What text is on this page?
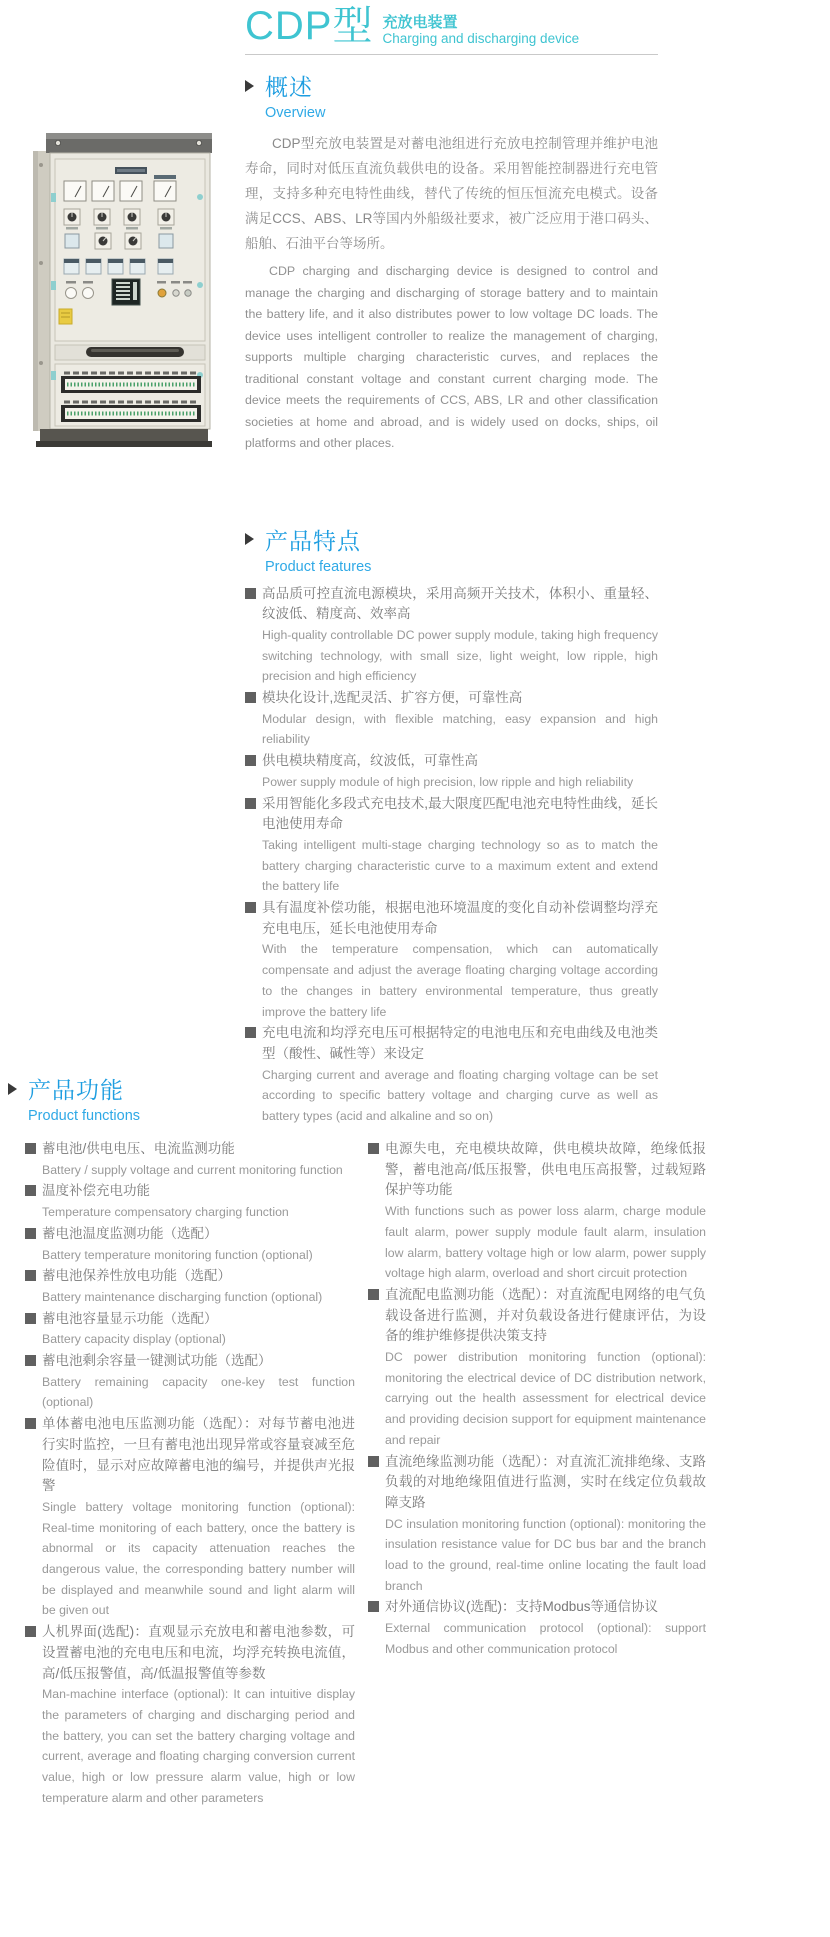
CDP型 充放电装置
Charging and discharging device
概述
Overview

CDP型充放电装置是对蓄电池组进行充放电控制管理并维护电池寿命，同时对低压直流负载供电的设备。采用智能控制器进行充电管理，支持多种充电特性曲线，替代了传统的恒压恒流充电模式。设备满足CCS、ABS、LR等国内外船级社要求，被广泛应用于港口码头、船舶、石油平台等场所。

CDP charging and discharging device is designed to control and manage the charging and discharging of storage battery and to maintain the battery life, and it also distributes power to low voltage DC loads. The device uses intelligent controller to realize the management of charging, supports multiple charging characteristic curves, and replaces the traditional constant voltage and constant current charging mode. The device meets the requirements of CCS, ABS, LR and other classification societies at home and abroad, and is widely used on docks, ships, oil platforms and other places.

产品特点
Product features
高品质可控直流电源模块，采用高频开关技术，体积小、重量轻、纹波低、精度高、效率高
High-quality controllable DC power supply module, taking high frequency switching technology, with small size, light weight, low ripple, high precision and high efficiency
模块化设计,选配灵活、扩容方便，可靠性高
Modular design, with flexible matching, easy expansion and high reliability
供电模块精度高，纹波低，可靠性高
Power supply module of high precision, low ripple and high reliability
采用智能化多段式充电技术,最大限度匹配电池充电特性曲线，延长电池使用寿命
Taking intelligent multi-stage charging technology so as to match the battery charging characteristic curve to a maximum extent and extend the battery life
具有温度补偿功能，根据电池环境温度的变化自动补偿调整均浮充充电电压，延长电池使用寿命
With the temperature compensation, which can automatically compensate and adjust the average floating charging voltage according to the changes in battery environmental temperature, thus greatly improve the battery life
充电电流和均浮充电压可根据特定的电池电压和充电曲线及电池类型（酸性、碱性等）来设定
Charging current and average and floating charging voltage can be set according to specific battery voltage and charging curve as well as battery types (acid and alkaline and so on)
产品功能
Product functions
蓄电池/供电电压、电流监测功能
Battery / supply voltage and current monitoring function
温度补偿充电功能
Temperature compensatory charging function
蓄电池温度监测功能（选配）
Battery temperature monitoring function (optional)
蓄电池保养性放电功能（选配）
Battery maintenance discharging function (optional)
蓄电池容量显示功能（选配）
Battery capacity display (optional)
蓄电池剩余容量一键测试功能（选配）
Battery remaining capacity one-key test function (optional)
单体蓄电池电压监测功能（选配）：对每节蓄电池进行实时监控，一旦有蓄电池出现异常或容量衰减至危险值时，显示对应故障蓄电池的编号，并提供声光报警
Single battery voltage monitoring function (optional): Real-time monitoring of each battery, once the battery is abnormal or its capacity attenuation reaches the dangerous value, the corresponding battery number will be displayed and meanwhile sound and light alarm will be given out
人机界面(选配)：直观显示充放电和蓄电池参数，可设置蓄电池的充电电压和电流，均浮充转换电流值，高/低压报警值，高/低温报警值等参数
Man-machine interface (optional): It can intuitive display the parameters of charging and discharging period and the battery, you can set the battery charging voltage and current, average and floating charging conversion current value, high or low pressure alarm value, high or low temperature alarm and other parameters
电源失电，充电模块故障，供电模块故障，绝缘低报警，蓄电池高/低压报警，供电电压高报警，过载短路保护等功能
With functions such as power loss alarm, charge module fault alarm, power supply module fault alarm, insulation low alarm, battery voltage high or low alarm, power supply voltage high alarm, overload and short circuit protection
直流配电监测功能（选配）：对直流配电网络的电气负载设备进行监测，并对负载设备进行健康评估，为设备的维护维修提供决策支持
DC power distribution monitoring function (optional): monitoring the electrical device of DC distribution network, carrying out the health assessment for electrical device and providing decision support for equipment maintenance and repair
直流绝缘监测功能（选配）：对直流汇流排绝缘、支路负载的对地绝缘阻值进行监测，实时在线定位负载故障支路
DC insulation monitoring function (optional): monitoring the insulation resistance value for DC bus bar and the branch load to the ground, real-time online locating the fault load branch
对外通信协议(选配)：支持Modbus等通信协议
External communication protocol (optional): support Modbus and other communication protocol
